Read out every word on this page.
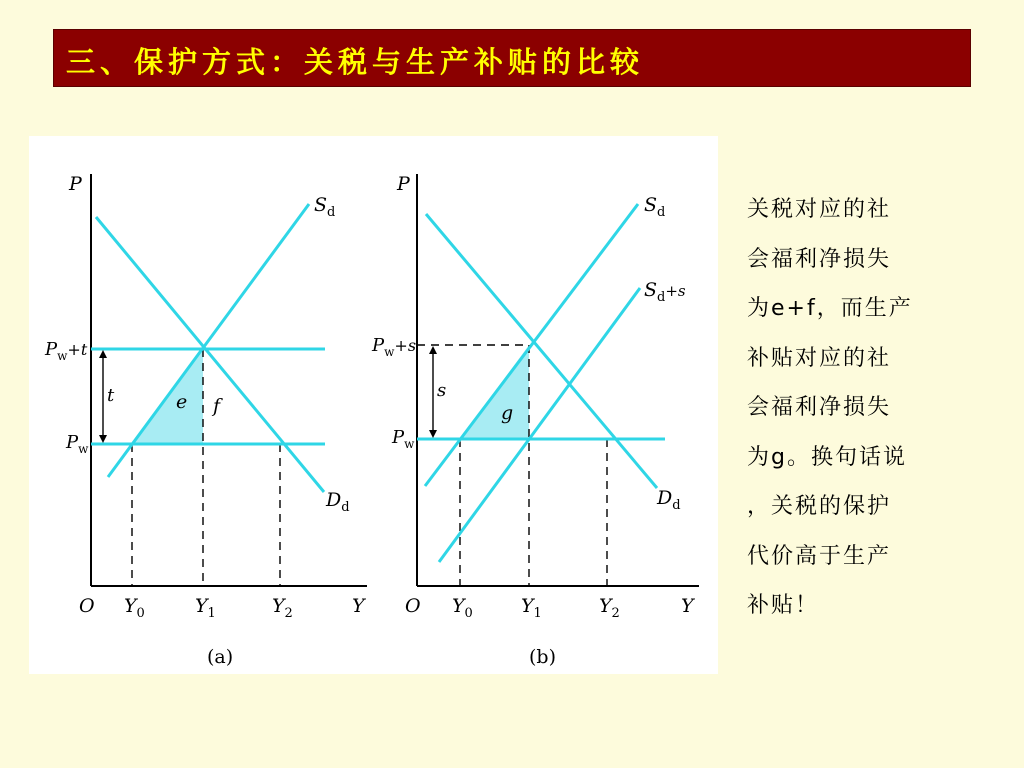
三、保护方式：关税与生产补贴的比较
P
Y
O
$S_d$
$D_d$
$P_w+t$
$P_w$
t	e f
$Y_0$	$Y_1$	$Y_2$
(a)
P
Y
O
$S_d$
$S_d^{+s}$
$D_d$
$P_w+s$
$P_w$
s
g
$Y_0$	$Y_1$	$Y_2$
(b)
关税对应的社
会福利净损失
为e+f，而生产
补贴对应的社
会福利净损失
为g。换句话说
，关税的保护
代价高于生产
补贴！
